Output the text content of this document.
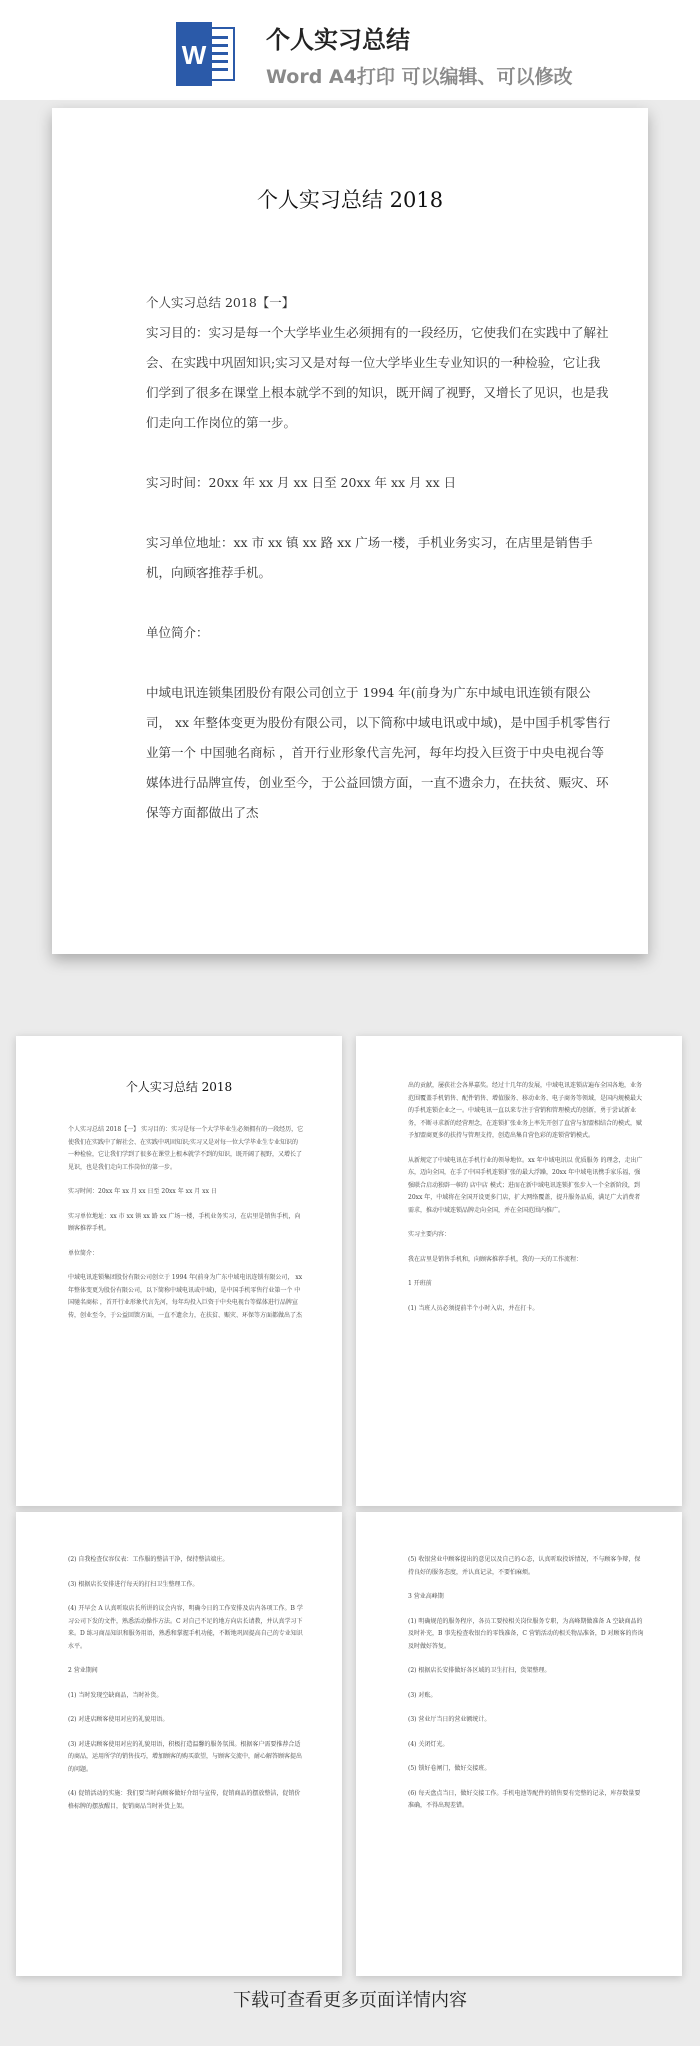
W 个人实习总结
Word A4打印 可以编辑、可以修改
个人实习总结 2018

个人实习总结 2018【一】

实习目的：实习是每一个大学毕业生必须拥有的一段经历，它使我们在实践中了解社会、在实践中巩固知识;实习又是对每一位大学毕业生专业知识的一种检验，它让我们学到了很多在课堂上根本就学不到的知识，既开阔了视野，又增长了见识，也是我们走向工作岗位的第一步。

实习时间：20xx 年 xx 月 xx 日至 20xx 年 xx 月 xx 日

实习单位地址：xx 市 xx 镇 xx 路 xx 广场一楼，手机业务实习，在店里是销售手机，向顾客推荐手机。

单位简介：

中域电讯连锁集团股份有限公司创立于 1994 年(前身为广东中域电讯连锁有限公司， xx 年整体变更为股份有限公司，以下简称中域电讯或中域)，是中国手机零售行业第一个 中国驰名商标 ，首开行业形象代言先河，每年均投入巨资于中央电视台等媒体进行品牌宣传，创业至今，于公益回馈方面，一直不遗余力，在扶贫、赈灾、环保等方面都做出了杰

个人实习总结 2018

个人实习总结 2018【一】 实习目的：实习是每一个大学毕业生必须拥有的一段经历，它使我们在实践中了解社会、在实践中巩固知识;实习又是对每一位大学毕业生专业知识的一种检验，它让我们学到了很多在课堂上根本就学不到的知识，既开阔了视野，又增长了见识，也是我们走向工作岗位的第一步。

实习时间：20xx 年 xx 月 xx 日至 20xx 年 xx 月 xx 日

实习单位地址：xx 市 xx 镇 xx 路 xx 广场一楼，手机业务实习，在店里是销售手机，向顾客推荐手机。

单位简介：

中域电讯连锁集团股份有限公司创立于 1994 年(前身为广东中域电讯连锁有限公司， xx 年整体变更为股份有限公司，以下简称中域电讯或中域)，是中国手机零售行业第一个 中国驰名商标 ，首开行业形象代言先河，每年均投入巨资于中央电视台等媒体进行品牌宣传，创业至今，于公益回馈方面，一直不遗余力，在扶贫、赈灾、环保等方面都做出了杰

出的贡献，屡获社会各界嘉奖。经过十几年的发展，中域电讯连锁店遍布全国各地，业务范围覆盖手机销售、配件销售、增值服务、移动业务、电子商务等领域，是国内规模最大的手机连锁企业之一。中域电讯一直以来专注于营销和管理模式的创新，勇于尝试新业务，不断寻求新的经营理念，在连锁扩张业务上率先开创了直营与加盟相结合的模式，赋予加盟商更多的扶持与管理支持，创造出集自营色彩的连锁营销模式。

从新规定了中域电讯在手机行业的领导地位。xx 年中域电讯以 优质服务 的理念，走出广东，迈向全国，在手了中国手机连锁扩张的最大浮躁，20xx 年中域电讯携手家乐福，强强联合启动独辟一帜的 店中店 模式；进而在新中域电讯连锁扩张步入一个全新阶段，到 20xx 年，中域将在全国开设更多门店，扩大网络覆盖，提升服务品质，满足广大消费者需求，推动中域连锁品牌走向全国，并在全国范围内推广。

实习主要内容：

我在店里是销售手机和，向顾客推荐手机，我的一天的工作流程：

1 开班前

(1) 当班人员必须提前半个小时入店，并在打卡。

(2) 自我检查仪容仪表：工作服的整洁干净，保持整洁端庄。

(3) 根据店长安排进行每天的打扫卫生整理工作。

(4) 开早会 A 认真听取店长所讲的议会内容，明确今日的工作安排及店内各项工作。B 学习公司下发的文件，熟悉活动操作方法。C 对自己不足的地方向店长请教，并认真学习下来。D 练习商品知识和服务用语，熟悉和掌握手机功能，不断地巩固提高自己的专业知识水平。

2 营业期间

(1) 当时发现空缺商品，当时补货。

(2) 对进店顾客使用对应的礼貌用语。

(3) 对进店顾客使用对应的礼貌用语，积极打造温馨的服务氛围。根据客户需要推荐合适的商品，运用所学的销售技巧，增加顾客的购买欲望，与顾客交流中，耐心解答顾客提出的问题。

(4) 促销活动的实施：我们要当时向顾客做好介绍与宣传，促销商品的摆放整洁，促销价格标牌的摆放醒目，促销商品当时补货上架。

(5) 收银营业中顾客提出的意见以及自己的心态，认真听取投诉情况，不与顾客争辩，保持良好的服务态度，并认真记录，不要怕麻烦。

3 营业高峰期

(1) 明确规范的服务程序，各员工要按相关岗位服务专职，为高峰期做准备 A 空缺商品的及时补充，B 事先检查收银台的零钱准备，C 营销活动的相关物品准备，D 对顾客的咨询及时做好答复。

(2) 根据店长安排做好各区域的卫生打扫，货架整理。

(3) 对账。

(3) 营业厅当日的营业额统计。

(4) 关闭灯光。

(5) 锁好卷闸门，做好交接班。

(6) 每天盘点当日，做好交接工作。手机电池等配件的销售要有完整的记录，库存数量要准确，不得出现差错。

下载可查看更多页面详情内容
